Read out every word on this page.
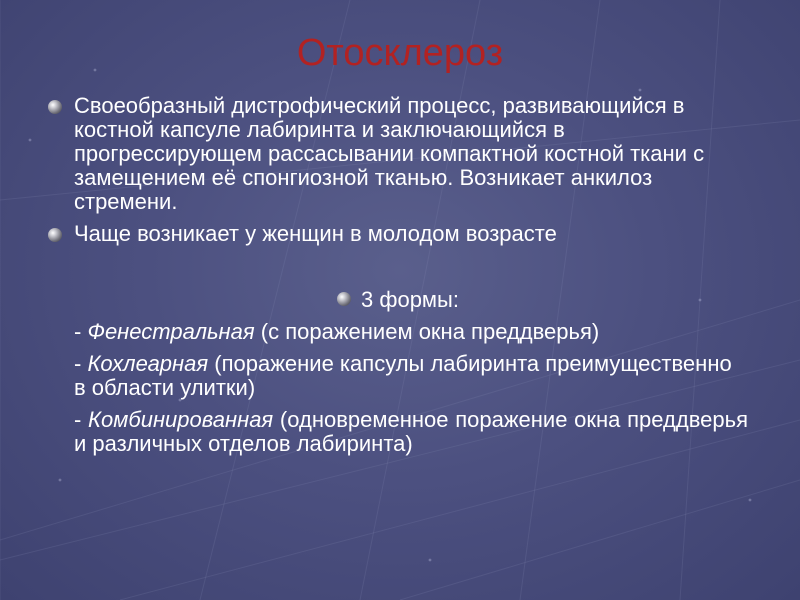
Отосклероз
Своеобразный дистрофический процесс, развивающийся в костной капсуле лабиринта и заключающийся в прогрессирующем рассасывании компактной костной ткани с замещением её спонгиозной тканью. Возникает анкилоз стремени.
Чаще возникает у женщин в молодом возрасте
3 формы:
- Фенестральная (с поражением окна преддверья)
- Кохлеарная (поражение капсулы лабиринта преимущественно в области улитки)
- Комбинированная (одновременное поражение окна преддверья и различных отделов лабиринта)
